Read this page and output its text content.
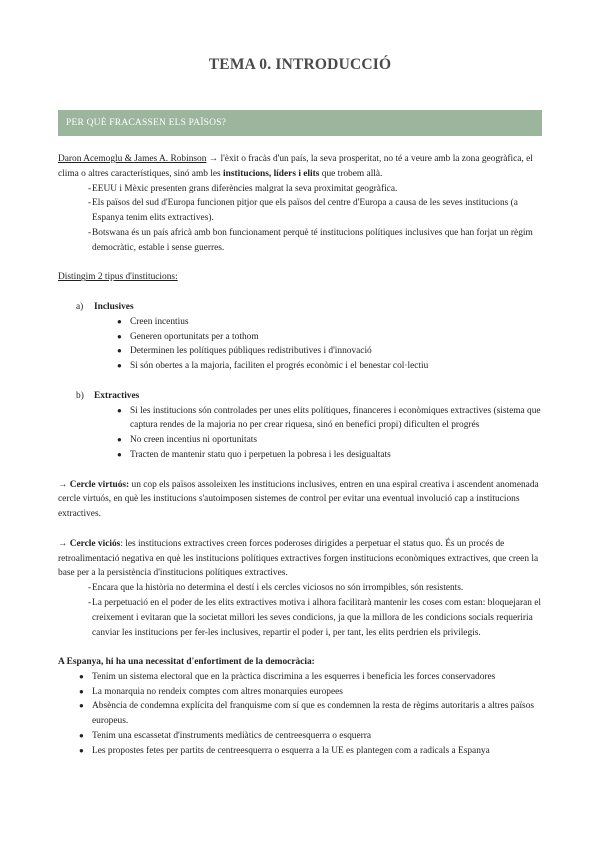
TEMA 0. INTRODUCCIÓ
PER QUÈ FRACASSEN ELS PAÏSOS?

Daron Acemoglu & James A. Robinson → l'èxit o fracàs d'un país, la seva prosperitat, no té a veure amb la zona geogràfica, el clima o altres característiques, sinó amb les institucions, líders i elits que trobem allà.

- EEUU i Mèxic presenten grans diferències malgrat la seva proximitat geogràfica.
- Els països del sud d'Europa funcionen pitjor que els països del centre d'Europa a causa de les seves institucions (a Espanya tenim elits extractives).
- Botswana és un país africà amb bon funcionament perquè té institucions polítiques inclusives que han forjat un règim democràtic, estable i sense guerres.

Distingim 2 tipus d'institucions:

a) Inclusives
● Creen incentius
● Generen oportunitats per a tothom
● Determinen les polítiques públiques redistributives i d'innovació
● Si són obertes a la majoria, faciliten el progrés econòmic i el benestar col·lectiu
b) Extractives
● Si les institucions són controlades per unes elits polítiques, financeres i econòmiques extractives (sistema que captura rendes de la majoria no per crear riquesa, sinó en benefici propi) dificulten el progrés
● No creen incentius ni oportunitats
● Tracten de mantenir statu quo i perpetuen la pobresa i les desigualtats

→ Cercle virtuós: un cop els països assoleixen les institucions inclusives, entren en una espiral creativa i ascendent anomenada cercle virtuós, en què les institucions s'autoimposen sistemes de control per evitar una eventual involució cap a institucions extractives.

→ Cercle viciós: les institucions extractives creen forces poderoses dirigides a perpetuar el status quo. És un procés de retroalimentació negativa en què les institucions polítiques extractives forgen institucions econòmiques extractives, que creen la base per a la persistència d'institucions polítiques extractives.

- Encara que la història no determina el destí i els cercles viciosos no són irrompibles, són resistents.
- La perpetuació en el poder de les elits extractives motiva i alhora facilitarà mantenir les coses com estan: bloquejaran el creixement i evitaran que la societat millori les seves condicions, ja que la millora de les condicions socials requeriria canviar les institucions per fer-les inclusives, repartir el poder i, per tant, les elits perdrien els privilegis.

A Espanya, hi ha una necessitat d'enfortiment de la democràcia:

● Tenim un sistema electoral que en la pràctica discrimina a les esquerres i beneficia les forces conservadores
● La monarquia no rendeix comptes com altres monarquies europees
● Absència de condemna explícita del franquisme com sí que es condemnen la resta de règims autoritaris a altres països europeus.
● Tenim una escassetat d'instruments mediàtics de centreesquerra o esquerra
● Les propostes fetes per partits de centreesquerra o esquerra a la UE es plantegen com a radicals a Espanya
